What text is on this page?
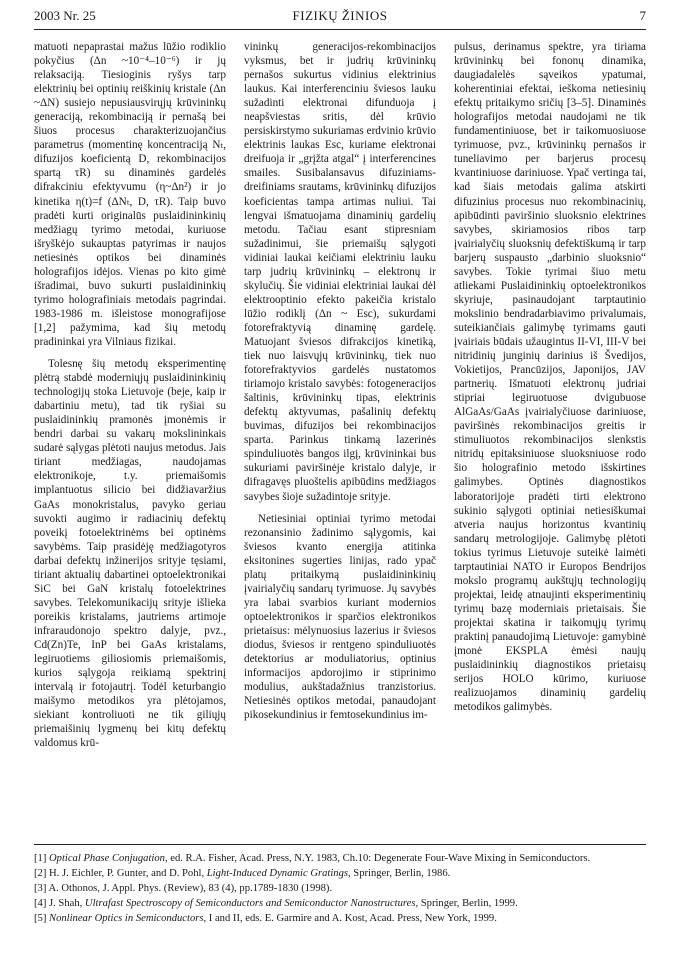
2003 Nr. 25	FIZIKŲ ŽINIOS	7

matuoti nepaprastai mažus lūžio rodiklio pokyčius (Δn ~10⁻⁴–10⁻⁶) ir jų relaksaciją. Tiesioginis ryšys tarp elektrinių bei optinių reiškinių kristale (Δn ~ΔN) susiejo nepusiausvirųjų krūvininkų generaciją, rekombinaciją ir pernašą bei šiuos procesus charakterizuojančius parametrus (momentinę koncentraciją Nₜ, difuzijos koeficientą D, rekombinacijos spartą τR) su dinaminės gardelės difrakciniu efektyvumu (η~Δn²) ir jo kinetika η(t)=f (ΔNₜ, D, τR). Taip buvo pradėti kurti originalūs puslaidininkinių medžiagų tyrimo metodai, kuriuose išryškėjo sukauptas patyrimas ir naujos netiesinės optikos bei dinaminės holografijos idėjos. Vienas po kito gimė išradimai, buvo sukurti puslaidininkių tyrimo holografiniais metodais pagrindai. 1983-1986 m. išleistose monografijose [1,2] pažymima, kad šių metodų pradininkai yra Vilniaus fizikai.

Tolesnę šių metodų eksperimentinę plėtrą stabdė moderniųjų puslaidininkinių technologijų stoka Lietuvoje (beje, kaip ir dabartiniu metu), tad tik ryšiai su puslaidininkių pramonės įmonėmis ir bendri darbai su vakarų mokslininkais sudarė sąlygas plėtoti naujus metodus. Jais tiriant medžiagas, naudojamas elektronikoje, t.y. priemaišomis implantuotus silicio bei didžiavaržius GaAs monokristalus, pavyko geriau suvokti augimo ir radiacinių defektų poveikį fotoelektrinėms bei optinėms savybėms. Taip prasidėję medžiagotyros darbai defektų inžinerijos srityje tęsiami, tiriant aktualių dabartinei optoelektronikai SiC bei GaN kristalų fotoelektrines savybes. Telekomunikacijų srityje išlieka poreikis kristalams, jautriems artimoje infraraudonojo spektro dalyje, pvz., Cd(Zn)Te, InP bei GaAs kristalams, legiruotiems giliosiomis priemaišomis, kurios sąlygoja reikiamą spektrinį intervalą ir fotojautrį. Todėl keturbangio maišymo metodikos yra plėtojamos, siekiant kontroliuoti ne tik giliųjų priemaišinių lygmenų bei kitų defektų valdomus krū-

vininkų generacijos-rekombinacijos vyksmus, bet ir judrių krūvininkų pernašos sukurtus vidinius elektrinius laukus. Kai interferenciniu šviesos lauku sužadinti elektronai difunduoja į neapšviestas sritis, dėl krūvio persiskirstymo sukuriamas erdvinio krūvio elektrinis laukas Esc, kuriame elektronai dreifuoja ir „grįžta atgal“ į interferencines smailes. Susibalansavus difuziniams-dreifiniams srautams, krūvininkų difuzijos koeficientas tampa artimas nuliui. Tai lengvai išmatuojama dinaminių gardelių metodu. Tačiau esant stipresniam sužadinimui, šie priemaišų sąlygoti vidiniai laukai keičiami elektriniu lauku tarp judrių krūvininkų – elektronų ir skylučių. Šie vidiniai elektriniai laukai dėl elektrooptinio efekto pakeičia kristalo lūžio rodiklį (Δn ~ Esc), sukurdami fotorefraktyvią dinaminę gardelę. Matuojant šviesos difrakcijos kinetiką, tiek nuo laisvųjų krūvininkų, tiek nuo fotorefraktyvios gardelės nustatomos tiriamojo kristalo savybės: fotogeneracijos šaltinis, krūvininkų tipas, elektrinis defektų aktyvumas, pašalinių defektų buvimas, difuzijos bei rekombinacijos sparta. Parinkus tinkamą lazerinės spinduliuotės bangos ilgį, krūvininkai bus sukuriami paviršinėje kristalo dalyje, ir difragavęs pluoštelis apibūdins medžiagos savybes šioje sužadintoje srityje.

Netiesiniai optiniai tyrimo metodai rezonansinio žadinimo sąlygomis, kai šviesos kvanto energija atitinka eksitonines sugerties linijas, rado ypač platų pritaikymą puslaidininkinių įvairialyčių sandarų tyrimuose. Jų savybės yra labai svarbios kuriant modernios optoelektronikos ir sparčios elektronikos prietaisus: mėlynuosius lazerius ir šviesos diodus, šviesos ir rentgeno spinduliuotės detektorius ar moduliatorius, optinius informacijos apdorojimo ir stiprinimo modulius, aukštadažnius tranzistorius. Netiesinės optikos metodai, panaudojant pikosekundinius ir femtosekundinius im-

pulsus, derinamus spektre, yra tiriama krūvininkų bei fononų dinamika, daugiadalelės sąveikos ypatumai, koherentiniai efektai, ieškoma netiesinių efektų pritaikymo sričių [3–5]. Dinaminės holografijos metodai naudojami ne tik fundamentiniuose, bet ir taikomuosiuose tyrimuose, pvz., krūvininkų pernašos ir tuneliavimo per barjerus procesų kvantiniuose dariniuose. Ypač vertinga tai, kad šiais metodais galima atskirti difuzinius procesus nuo rekombinacinių, apibūdinti paviršinio sluoksnio elektrines savybes, skiriamosios ribos tarp įvairialyčių sluoksnių defektiškumą ir tarp barjerų suspausto „darbinio sluoksnio“ savybes. Tokie tyrimai šiuo metu atliekami Puslaidininkių optoelektronikos skyriuje, pasinaudojant tarptautinio mokslinio bendradarbiavimo privalumais, suteikiančiais galimybę tyrimams gauti įvairiais būdais užaugintus II-VI, III-V bei nitridinių junginių darinius iš Švedijos, Vokietijos, Prancūzijos, Japonijos, JAV partnerių. Išmatuoti elektronų judriai stipriai legiruotuose dvigubuose AlGaAs/GaAs įvairialyčiuose dariniuose, paviršinės rekombinacijos greitis ir stimuliuotos rekombinacijos slenkstis nitridų epitaksiniuose sluoksniuose rodo šio holografinio metodo išskirtines galimybes. Optinės diagnostikos laboratorijoje pradėti tirti elektrono sukinio sąlygoti optiniai netiesiškumai atveria naujus horizontus kvantinių sandarų metrologijoje. Galimybę plėtoti tokius tyrimus Lietuvoje suteikė laimėti tarptautiniai NATO ir Europos Bendrijos mokslo programų aukštųjų technologijų projektai, leidę atnaujinti eksperimentinių tyrimų bazę moderniais prietaisais. Šie projektai skatina ir taikomųjų tyrimų praktinį panaudojimą Lietuvoje: gamybinė įmonė EKSPLA ėmėsi naujų puslaidininkių diagnostikos prietaisų serijos HOLO kūrimo, kuriuose realizuojamos dinaminių gardelių metodikos galimybės.

[1] Optical Phase Conjugation, ed. R.A. Fisher, Acad. Press, N.Y. 1983, Ch.10: Degenerate Four-Wave Mixing in Semiconductors.
[2] H. J. Eichler, P. Gunter, and D. Pohl, Light-Induced Dynamic Gratings, Springer, Berlin, 1986.
[3] A. Othonos, J. Appl. Phys. (Review), 83 (4), pp.1789-1830 (1998).
[4] J. Shah, Ultrafast Spectroscopy of Semiconductors and Semiconductor Nanostructures, Springer, Berlin, 1999.
[5] Nonlinear Optics in Semiconductors, I and II, eds. E. Garmire and A. Kost, Acad. Press, New York, 1999.
